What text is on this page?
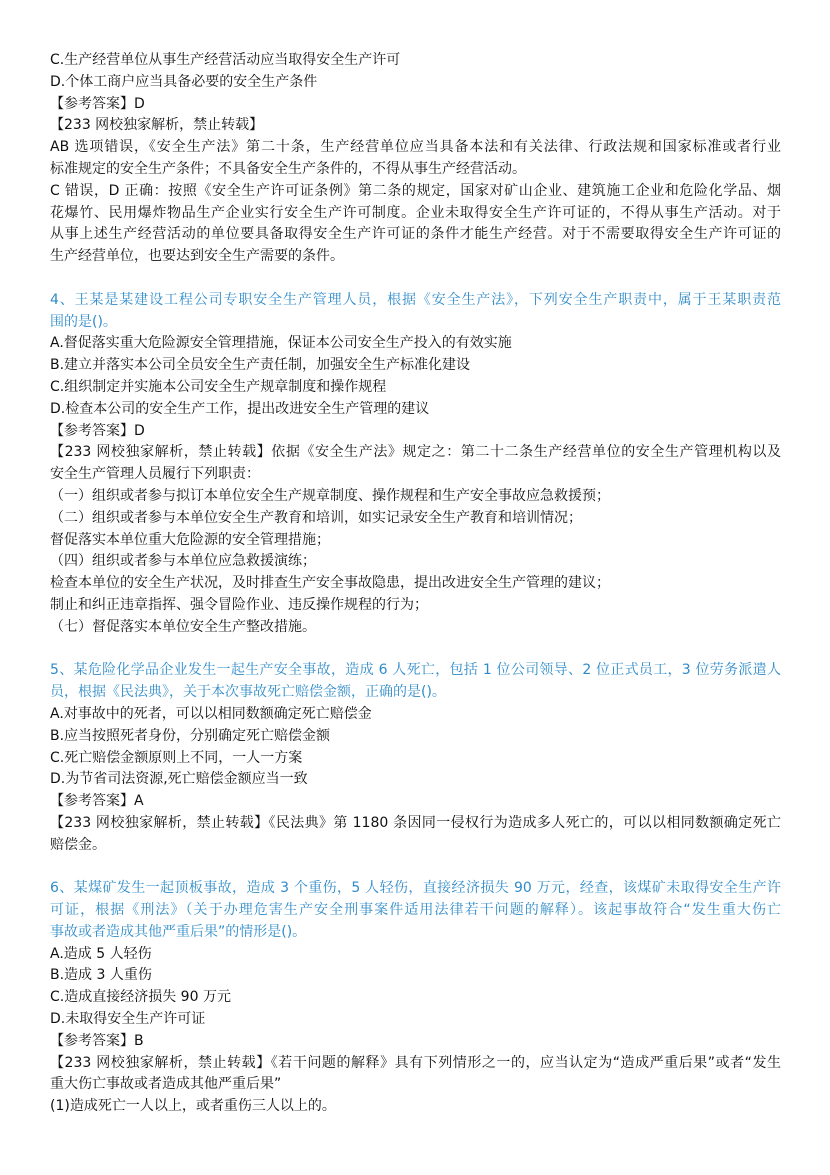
C.生产经营单位从事生产经营活动应当取得安全生产许可
D.个体工商户应当具备必要的安全生产条件
【参考答案】D
【233 网校独家解析，禁止转载】
AB 选项错误，《安全生产法》第二十条，生产经营单位应当具备本法和有关法律、行政法规和国家标准或者行业
标准规定的安全生产条件；不具备安全生产条件的，不得从事生产经营活动。
C 错误，D 正确：按照《安全生产许可证条例》第二条的规定，国家对矿山企业、建筑施工企业和危险化学品、烟
花爆竹、民用爆炸物品生产企业实行安全生产许可制度。企业未取得安全生产许可证的，不得从事生产活动。对于
从事上述生产经营活动的单位要具备取得安全生产许可证的条件才能生产经营。对于不需要取得安全生产许可证的
生产经营单位，也要达到安全生产需要的条件。
4、王某是某建设工程公司专职安全生产管理人员，根据《安全生产法》，下列安全生产职责中，属于王某职责范
围的是()。
A.督促落实重大危险源安全管理措施，保证本公司安全生产投入的有效实施
B.建立并落实本公司全员安全生产责任制，加强安全生产标准化建设
C.组织制定并实施本公司安全生产规章制度和操作规程
D.检查本公司的安全生产工作，提出改进安全生产管理的建议
【参考答案】D
【233 网校独家解析，禁止转载】依据《安全生产法》规定之：第二十二条生产经营单位的安全生产管理机构以及
安全生产管理人员履行下列职责：
（一）组织或者参与拟订本单位安全生产规章制度、操作规程和生产安全事故应急救援预；
（二）组织或者参与本单位安全生产教育和培训，如实记录安全生产教育和培训情况；
督促落实本单位重大危险源的安全管理措施；
（四）组织或者参与本单位应急救援演练；
检查本单位的安全生产状况，及时排查生产安全事故隐患，提出改进安全生产管理的建议；
制止和纠正违章指挥、强令冒险作业、违反操作规程的行为；
（七）督促落实本单位安全生产整改措施。
5、某危险化学品企业发生一起生产安全事故，造成 6 人死亡，包括 1 位公司领导、2 位正式员工，3 位劳务派遣人
员，根据《民法典》，关于本次事故死亡赔偿金额，正确的是()。
A.对事故中的死者，可以以相同数额确定死亡赔偿金
B.应当按照死者身份，分别确定死亡赔偿金额
C.死亡赔偿金额原则上不同，一人一方案
D.为节省司法资源,死亡赔偿金额应当一致
【参考答案】A
【233 网校独家解析，禁止转载】《民法典》第 1180 条因同一侵权行为造成多人死亡的，可以以相同数额确定死亡
赔偿金。
6、某煤矿发生一起顶板事故，造成 3 个重伤，5 人轻伤，直接经济损失 90 万元，经查，该煤矿未取得安全生产许
可证，根据《刑法》（关于办理危害生产安全刑事案件适用法律若干问题的解释）。该起事故符合“发生重大伤亡
事故或者造成其他严重后果”的情形是()。
A.造成 5 人轻伤
B.造成 3 人重伤
C.造成直接经济损失 90 万元
D.未取得安全生产许可证
【参考答案】B
【233 网校独家解析，禁止转载】《若干问题的解释》具有下列情形之一的，应当认定为“造成严重后果”或者“发生
重大伤亡事故或者造成其他严重后果”
(1)造成死亡一人以上，或者重伤三人以上的。
